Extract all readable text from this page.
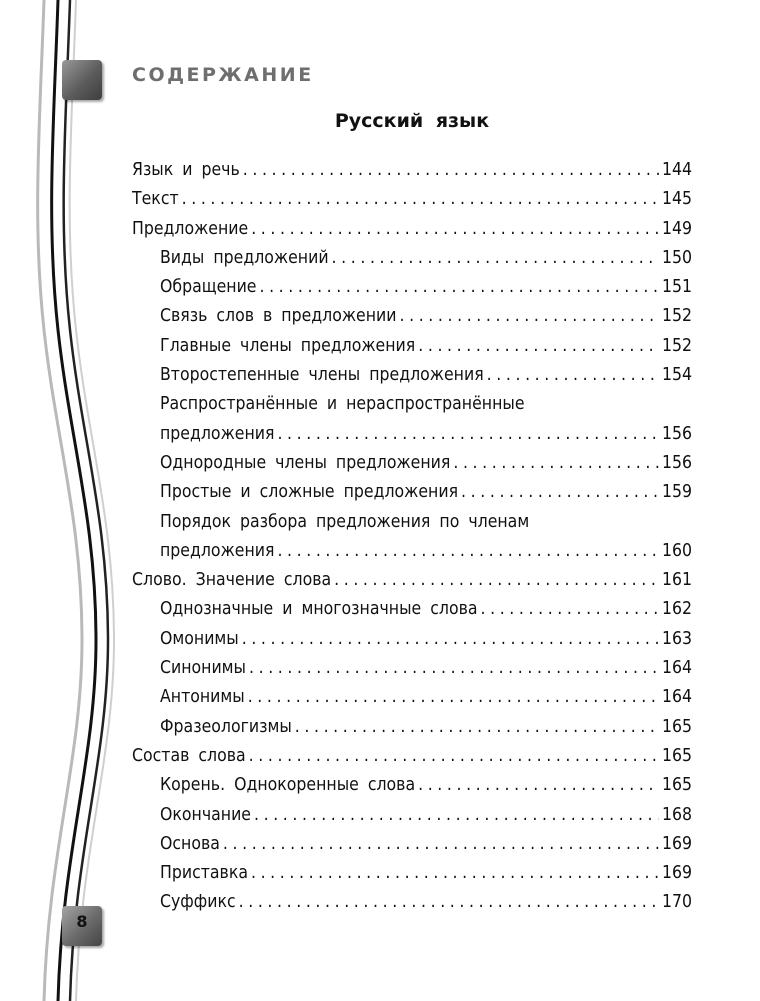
СОДЕРЖАНИЕ
Русский язык
Язык и речь .....	144
Текст .....	145
Предложение .....	149
Виды предложений .....	150
Обращение .....	151
Связь слов в предложении .....	152
Главные члены предложения .....	152
Второстепенные члены предложения .....	154
Распространённые и нераспространённые
предложения .....	156
Однородные члены предложения .....	156
Простые и сложные предложения .....	159
Порядок разбора предложения по членам
предложения .....	160
Слово. Значение слова .....	161
Однозначные и многозначные слова .....	162
Омонимы .....	163
Синонимы .....	164
Антонимы .....	164
Фразеологизмы .....	165
Состав слова .....	165
Корень. Однокоренные слова .....	165
Окончание .....	168
Основа .....	169
Приставка .....	169
Суффикс .....	170
8
